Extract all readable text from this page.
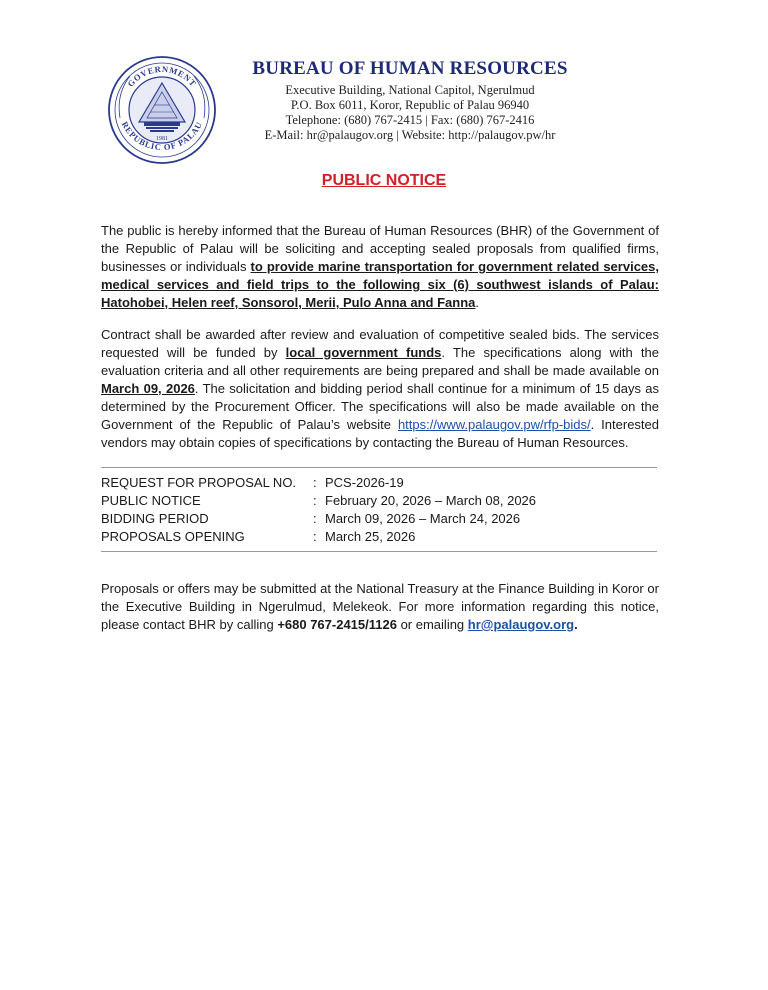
GOVERNMENT
REPUBLIC OF PALAU
1981
BUREAU OF HUMAN RESOURCES
Executive Building, National Capitol, Ngerulmud
P.O. Box 6011, Koror, Republic of Palau 96940
Telephone: (680) 767-2415 | Fax: (680) 767-2416
E-Mail: hr@palaugov.org | Website: http://palaugov.pw/hr
PUBLIC NOTICE
The public is hereby informed that the Bureau of Human Resources (BHR) of the Government of the Republic of Palau will be soliciting and accepting sealed proposals from qualified firms, businesses or individuals to provide marine transportation for government related services, medical services and field trips to the following six (6) southwest islands of Palau: Hatohobei, Helen reef, Sonsorol, Merii, Pulo Anna and Fanna.
Contract shall be awarded after review and evaluation of competitive sealed bids. The services requested will be funded by local government funds. The specifications along with the evaluation criteria and all other requirements are being prepared and shall be made available on March 09, 2026. The solicitation and bidding period shall continue for a minimum of 15 days as determined by the Procurement Officer. The specifications will also be made available on the Government of the Republic of Palau’s website https://www.palaugov.pw/rfp-bids/. Interested vendors may obtain copies of specifications by contacting the Bureau of Human Resources.
REQUEST FOR PROPOSAL NO.	: PCS-2026-19
PUBLIC NOTICE	: February 20, 2026 – March 08, 2026
BIDDING PERIOD	: March 09, 2026 – March 24, 2026
PROPOSALS OPENING	: March 25, 2026
Proposals or offers may be submitted at the National Treasury at the Finance Building in Koror or the Executive Building in Ngerulmud, Melekeok. For more information regarding this notice, please contact BHR by calling +680 767-2415/1126 or emailing hr@palaugov.org.
